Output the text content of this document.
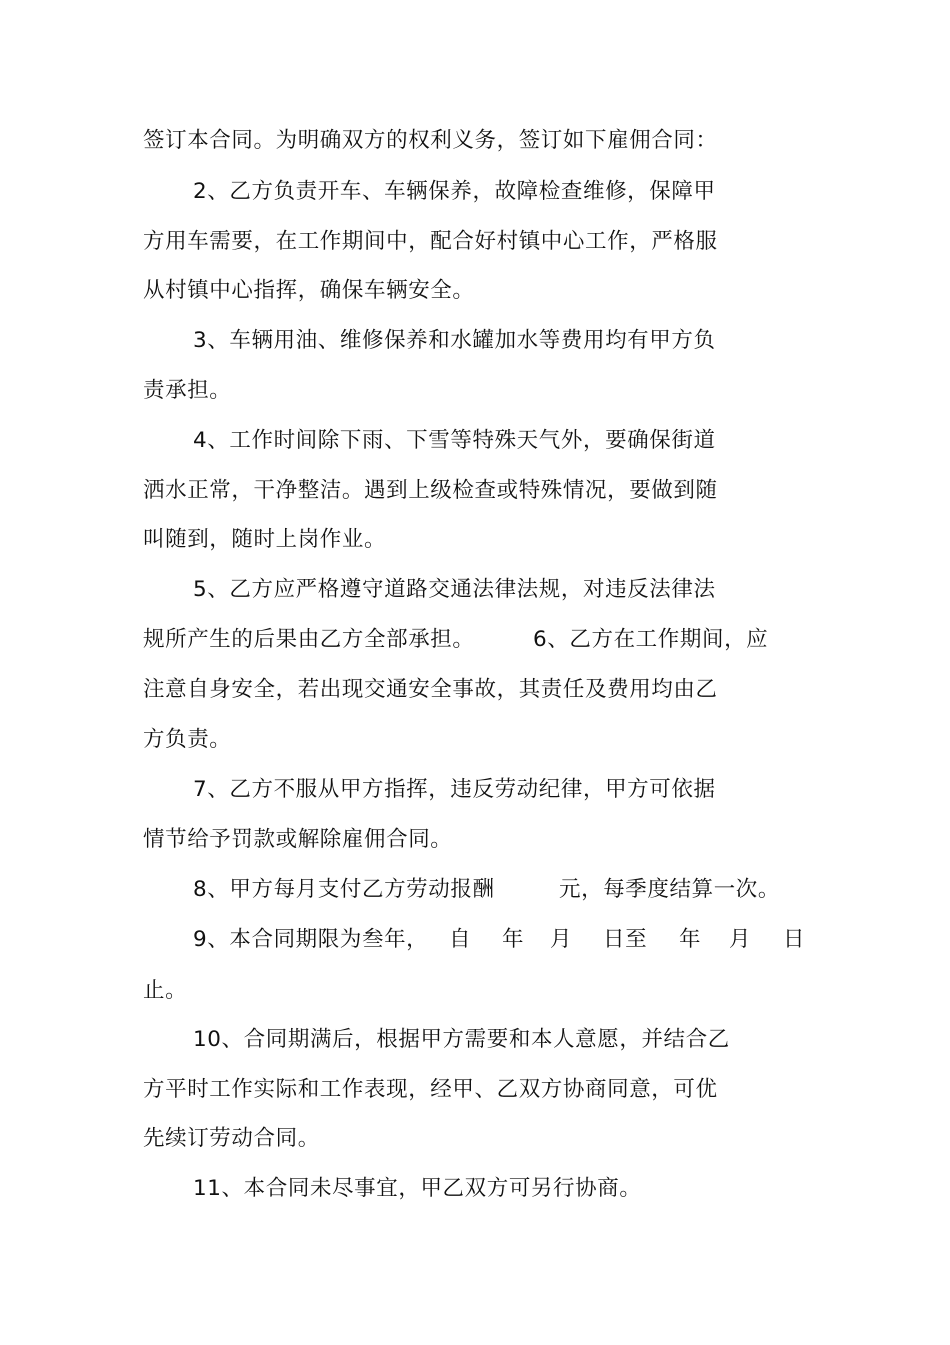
签订本合同。为明确双方的权利义务，签订如下雇佣合同：
2、乙方负责开车、车辆保养，故障检查维修，保障甲
方用车需要，在工作期间中，配合好村镇中心工作，严格服
从村镇中心指挥，确保车辆安全。
3、车辆用油、维修保养和水罐加水等费用均有甲方负
责承担。
4、工作时间除下雨、下雪等特殊天气外，要确保街道
洒水正常，干净整洁。遇到上级检查或特殊情况，要做到随
叫随到，随时上岗作业。
5、乙方应严格遵守道路交通法律法规，对违反法律法
规所产生的后果由乙方全部承担。	6、乙方在工作期间，应
注意自身安全，若出现交通安全事故，其责任及费用均由乙
方负责。
7、乙方不服从甲方指挥，违反劳动纪律，甲方可依据
情节给予罚款或解除雇佣合同。
8、甲方每月支付乙方劳动报酬	元，每季度结算一次。
9、本合同期限为叁年， 自 年 月 日至 年 月 日
止。
10、合同期满后，根据甲方需要和本人意愿，并结合乙
方平时工作实际和工作表现，经甲、乙双方协商同意，可优
先续订劳动合同。
11、本合同未尽事宜，甲乙双方可另行协商。
